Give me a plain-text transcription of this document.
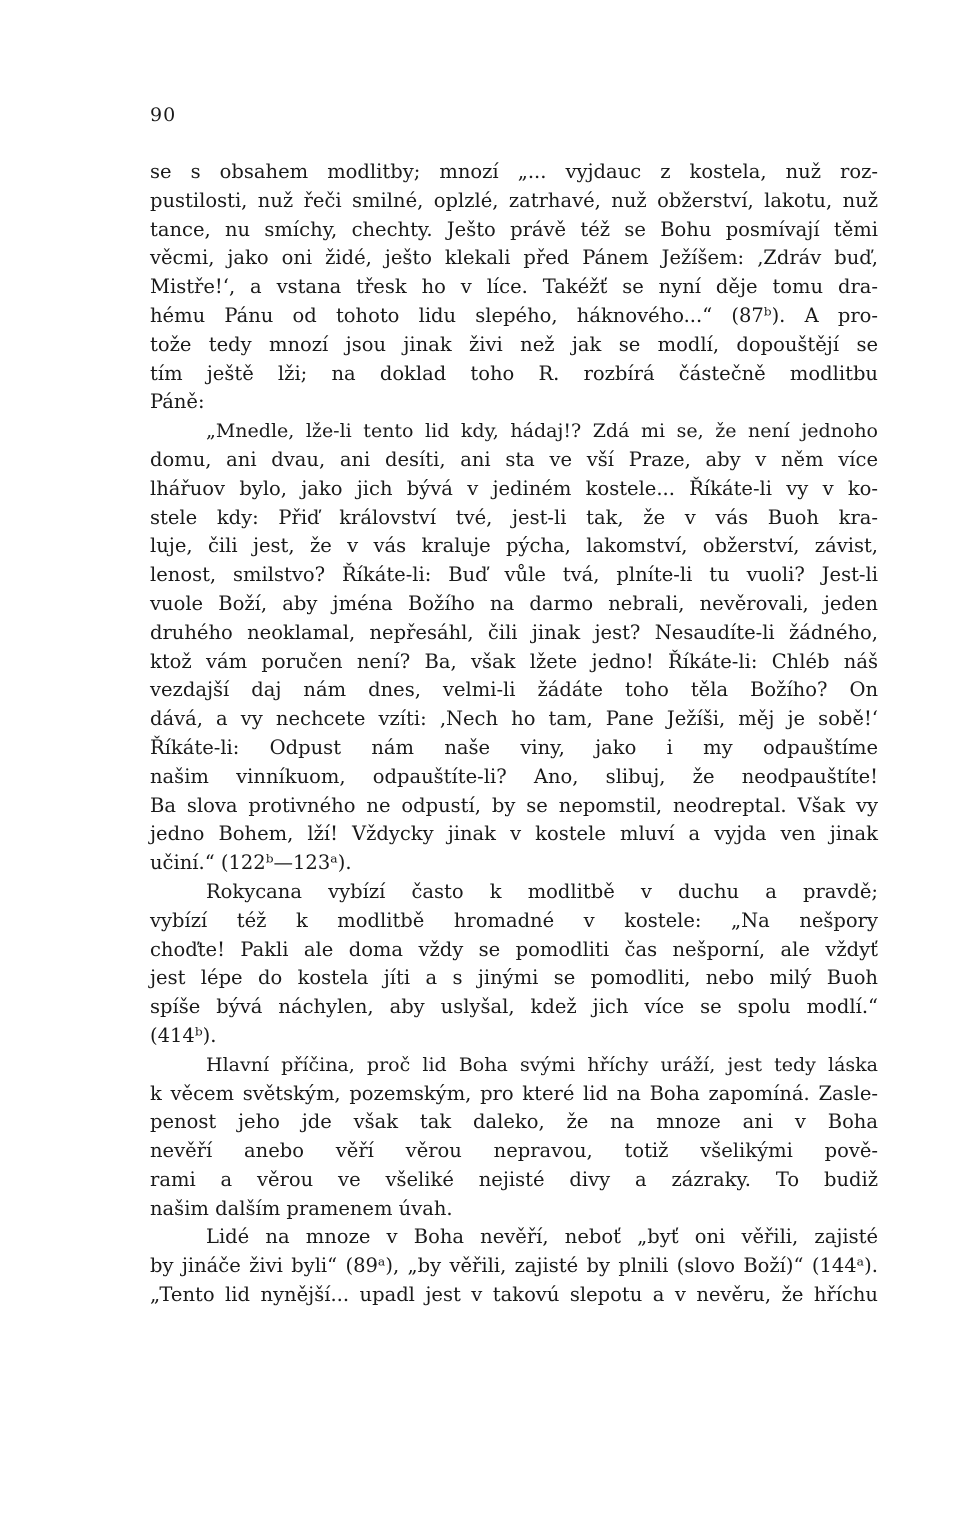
90
se s obsahem modlitby; mnozí „... vyjdauc z kostela, nuž roz-
pustilosti, nuž řeči smilné, oplzlé, zatrhavé, nuž obžerství, lakotu, nuž
tance, nu smíchy, chechty. Ješto právě též se Bohu posmívají těmi
věcmi, jako oni židé, ješto klekali před Pánem Ježíšem: ‚Zdráv buď,
Mistře!‘, a vstana třesk ho v líce. Takéžť se nyní děje tomu dra-
hému Pánu od tohoto lidu slepého, háknového...“ (87ᵇ). A pro-
tože tedy mnozí jsou jinak živi než jak se modlí, dopouštějí se
tím ještě lži; na doklad toho R. rozbírá částečně modlitbu
Páně:
„Mnedle, lže-li tento lid kdy, hádaj!? Zdá mi se, že není jednoho
domu, ani dvau, ani desíti, ani sta ve vší Praze, aby v něm více
lhářuov bylo, jako jich bývá v jediném kostele... Říkáte-li vy v ko-
stele kdy: Přiď království tvé, jest-li tak, že v vás Buoh kra-
luje, čili jest, že v vás kraluje pýcha, lakomství, obžerství, závist,
lenost, smilstvo? Říkáte-li: Buď vůle tvá, plníte-li tu vuoli? Jest-li
vuole Boží, aby jména Božího na darmo nebrali, nevěrovali, jeden
druhého neoklamal, nepřesáhl, čili jinak jest? Nesaudíte-li žádného,
ktož vám poručen není? Ba, však lžete jedno! Říkáte-li: Chléb náš
vezdajší daj nám dnes, velmi-li žádáte toho těla Božího? On
dává, a vy nechcete vzíti: ‚Nech ho tam, Pane Ježíši, měj je sobě!‘
Říkáte-li: Odpust nám naše viny, jako i my odpauštíme
našim vinníkuom, odpauštíte-li? Ano, slibuj, že neodpauštíte!
Ba slova protivného ne odpustí, by se nepomstil, neodreptal. Však vy
jedno Bohem, lží! Vždycky jinak v kostele mluví a vyjda ven jinak
učiní.“ (122ᵇ—123ᵃ).
Rokycana vybízí často k modlitbě v duchu a pravdě;
vybízí též k modlitbě hromadné v kostele: „Na nešpory
choďte! Pakli ale doma vždy se pomodliti čas nešporní, ale vždyť
jest lépe do kostela jíti a s jinými se pomodliti, nebo milý Buoh
spíše bývá náchylen, aby uslyšal, kdež jich více se spolu modlí.“
(414ᵇ).
Hlavní příčina, proč lid Boha svými hříchy uráží, jest tedy láska
k věcem světským, pozemským, pro které lid na Boha zapomíná. Zasle-
penost jeho jde však tak daleko, že na mnoze ani v Boha
nevěří anebo věří věrou nepravou, totiž všelikými pově-
rami a věrou ve všeliké nejisté divy a zázraky. To budiž
našim dalším pramenem úvah.
Lidé na mnoze v Boha nevěří, neboť „byť oni věřili, zajisté
by jináče živi byli“ (89ᵃ), „by věřili, zajisté by plnili (slovo Boží)“ (144ᵃ).
„Tento lid nynější... upadl jest v takovú slepotu a v nevěru, že hříchu
